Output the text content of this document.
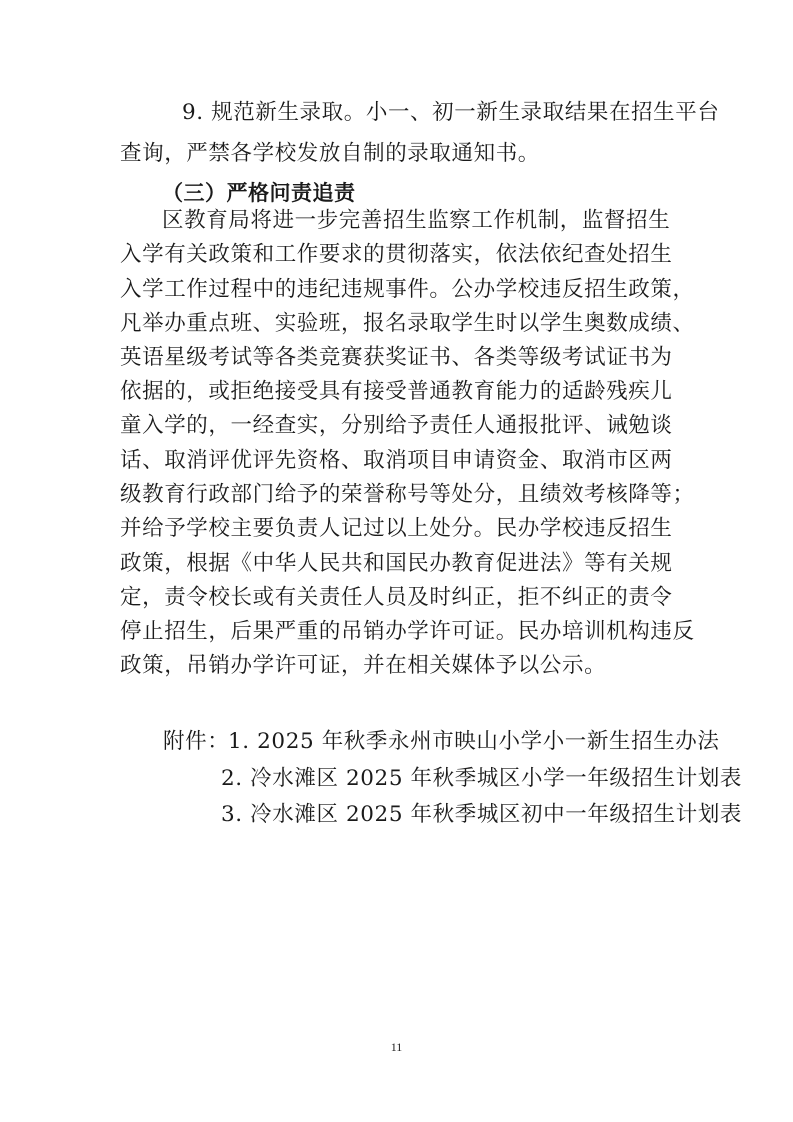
9. 规范新生录取。小一、初一新生录取结果在招生平台
查询，严禁各学校发放自制的录取通知书。
（三）严格问责追责
区教育局将进一步完善招生监察工作机制，监督招生
入学有关政策和工作要求的贯彻落实，依法依纪查处招生
入学工作过程中的违纪违规事件。公办学校违反招生政策，
凡举办重点班、实验班，报名录取学生时以学生奥数成绩、
英语星级考试等各类竞赛获奖证书、各类等级考试证书为
依据的，或拒绝接受具有接受普通教育能力的适龄残疾儿
童入学的，一经查实，分别给予责任人通报批评、诫勉谈
话、取消评优评先资格、取消项目申请资金、取消市区两
级教育行政部门给予的荣誉称号等处分，且绩效考核降等；
并给予学校主要负责人记过以上处分。民办学校违反招生
政策，根据《中华人民共和国民办教育促进法》等有关规
定，责令校长或有关责任人员及时纠正，拒不纠正的责令
停止招生，后果严重的吊销办学许可证。民办培训机构违反
政策，吊销办学许可证，并在相关媒体予以公示。
附件：
1. 2025 年秋季永州市映山小学小一新生招生办法
2. 冷水滩区 2025 年秋季城区小学一年级招生计划表
3. 冷水滩区 2025 年秋季城区初中一年级招生计划表
11
